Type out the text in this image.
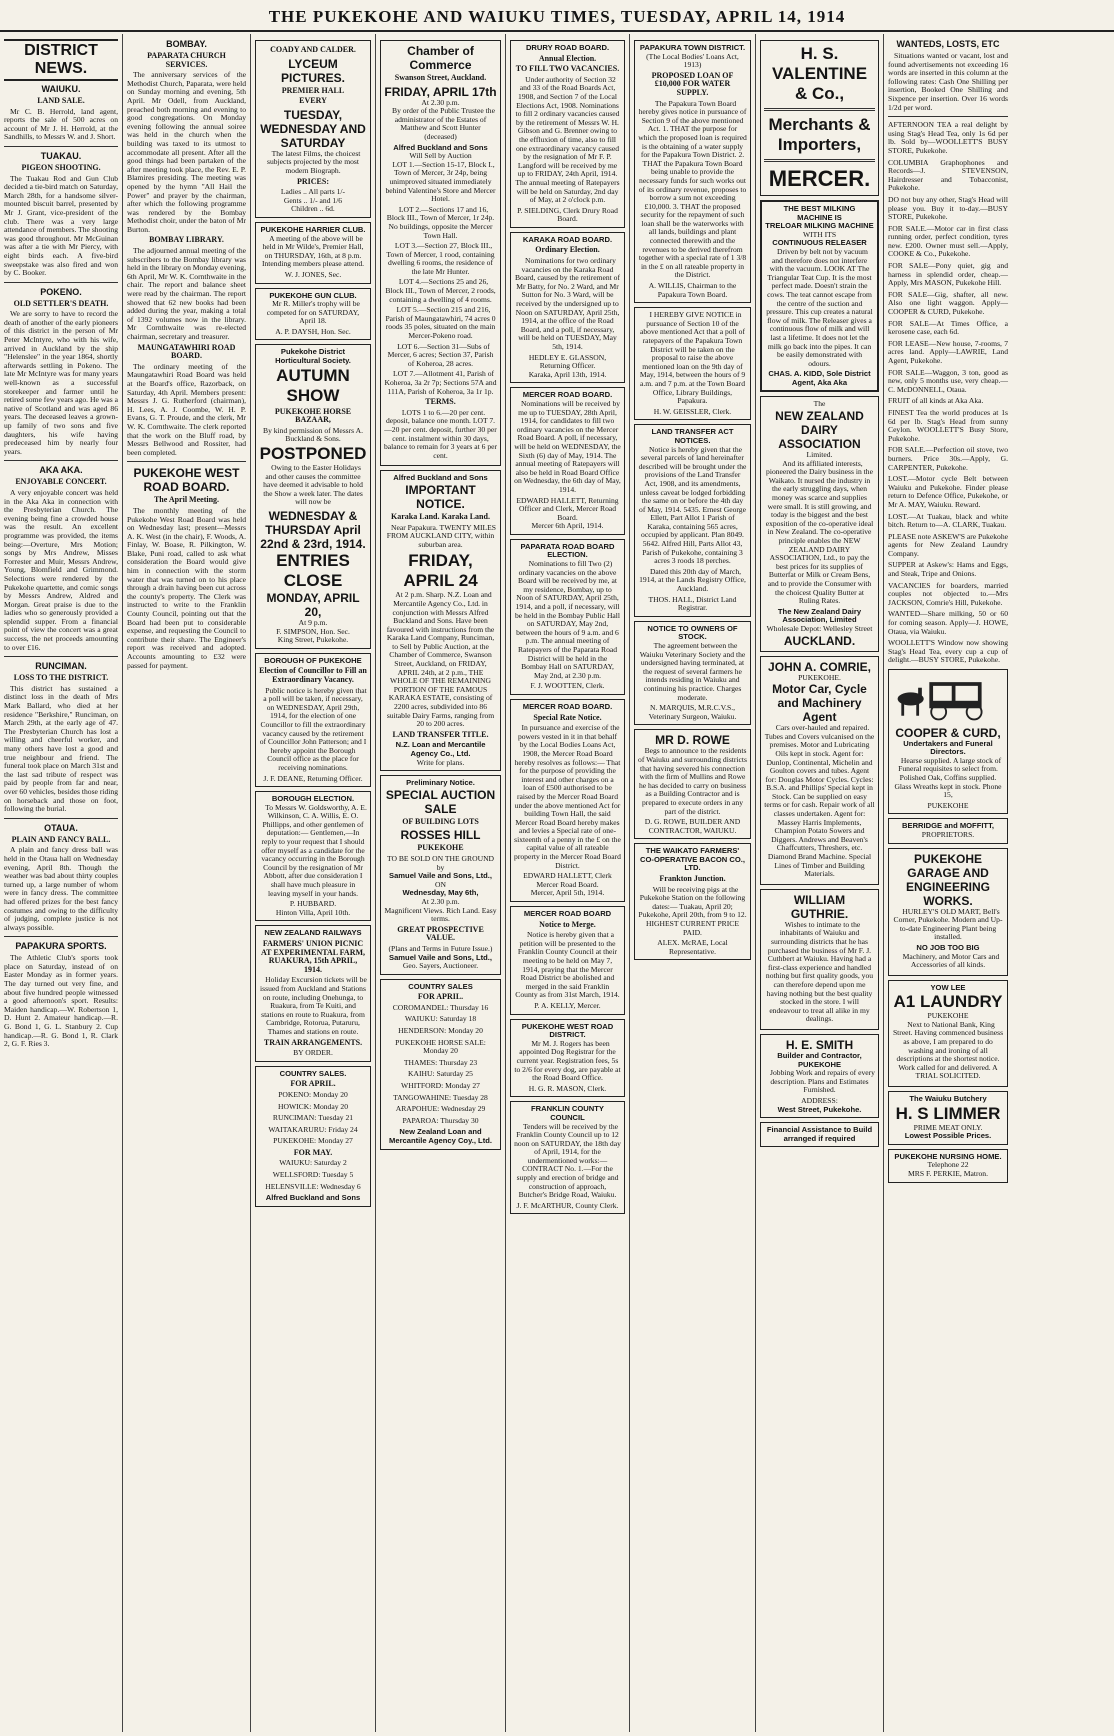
THE PUKEKOHE AND WAIUKU TIMES, TUESDAY, APRIL 14, 1914
DISTRICT NEWS.
WAIUKU.
LAND SALE.

Mr C. B. Herrold, land agent, reports the sale of 500 acres on account of Mr J. H. Herrold, at the Sandhills, to Messrs W. and J. Short.

TUAKAU.
PIGEON SHOOTING.

The Tuakau Rod and Gun Club decided a tie-bird match on Saturday, March 28th, for a handsome silver-mounted biscuit barrel, presented by Mr J. Grant, vice-president of the club. There was a very large attendance of members. The shooting was good throughout. Mr McGuinan was after a tie with Mr Piercy, with eight birds each. A five-bird sweepstake was also fired and won by C. Booker.

POKENO.
OLD SETTLER'S DEATH.

We are sorry to have to record the death of another of the early pioneers of this district in the person of Mr Peter McIntyre, who with his wife, arrived in Auckland by the ship "Helenslee" in the year 1864, shortly afterwards settling in Pokeno. The late Mr McIntyre was for many years well-known as a successful storekeeper and farmer until he retired some few years ago. He was a native of Scotland and was aged 86 years. The deceased leaves a grown-up family of two sons and five daughters, his wife having predeceased him by nearly four years.

AKA AKA.
ENJOYABLE CONCERT.

A very enjoyable concert was held in the Aka Aka in connection with the Presbyterian Church. The evening being fine a crowded house was the result. An excellent programme was provided, the items being:—Overture, Mrs Motion; songs by Mrs Andrew, Misses Forrester and Muir, Messrs Andrew, Young, Blomfield and Grimmond. Selections were rendered by the Pukekohe quartette, and comic songs by Messrs Andrew, Aldred and Morgan. Great praise is due to the ladies who so generously provided a splendid supper. From a financial point of view the concert was a great success, the net proceeds amounting to over £16.

RUNCIMAN.
LOSS TO THE DISTRICT.

This district has sustained a distinct loss in the death of Mrs Mark Ballard, who died at her residence "Berkshire," Runciman, on March 29th, at the early age of 47. The Presbyterian Church has lost a willing and cheerful worker, and many others have lost a good and true neighbour and friend. The funeral took place on March 31st and the last sad tribute of respect was paid by people from far and near, over 60 vehicles, besides those riding on horseback and those on foot, following the burial.

OTAUA.
PLAIN AND FANCY BALL.

A plain and fancy dress ball was held in the Otaua hall on Wednesday evening, April 8th. Though the weather was bad about thirty couples turned up, a large number of whom were in fancy dress. The committee had offered prizes for the best fancy costumes and owing to the difficulty of judging, complete justice is not always possible.

PAPAKURA SPORTS.

The Athletic Club's sports took place on Saturday, instead of on Easter Monday as in former years. The day turned out very fine, and about five hundred people witnessed a good afternoon's sport. Results: Maiden handicap.—W. Robertson 1, D. Hunt 2. Amateur handicap.—R. G. Bond 1, G. L. Stanbury 2. Cup handicap.—R. G. Bond 1, R. Clark 2, G. F. Ries 3.

BOMBAY.
PAPARATA CHURCH SERVICES.

The anniversary services of the Methodist Church, Paparata, were held on Sunday morning and evening, 5th April. Mr Odell, from Auckland, preached both morning and evening to good congregations. On Monday evening following the annual soiree was held in the church when the building was taxed to its utmost to accommodate all present. After all the good things had been partaken of the after meeting took place, the Rev. E. P. Blamires presiding. The meeting was opened by the hymn "All Hail the Power" and prayer by the chairman, after which the following programme was rendered by the Bombay Methodist choir, under the baton of Mr Burton.

BOMBAY LIBRARY.

The adjourned annual meeting of the subscribers to the Bombay library was held in the library on Monday evening, 6th April, Mr W. K. Cornthwaite in the chair. The report and balance sheet were read by the chairman. The report showed that 62 new books had been added during the year, making a total of 1392 volumes now in the library. Mr Cornthwaite was re-elected chairman, secretary and treasurer.

MAUNGATAWHIRI ROAD BOARD.

The ordinary meeting of the Maungatawhiri Road Board was held at the Board's office, Razorback, on Saturday, 4th April. Members present: Messrs J. G. Rutherford (chairman), H. Lees, A. J. Coombe, W. H. P. Evans, G. T. Proude, and the clerk, Mr W. K. Cornthwaite. The clerk reported that the work on the Bluff road, by Messrs Bellwood and Rossiter, had been completed.

PUKEKOHE WEST ROAD BOARD.
The April Meeting.

The monthly meeting of the Pukekohe West Road Board was held on Wednesday last; present—Messrs A. K. West (in the chair), F. Woods, A. Finlay, W. Boase, R. Pilkington, W. Blake, Puni road, called to ask what consideration the Board would give him in connection with the storm water that was turned on to his place through a drain having been cut across the county's property. The Clerk was instructed to write to the Franklin County Council, pointing out that the Board had been put to considerable expense, and requesting the Council to contribute their share. The Engineer's report was received and adopted. Accounts amounting to £32 were passed for payment.

COADY AND CALDER.
LYCEUM PICTURES.
PREMIER HALL
EVERY
TUESDAY, WEDNESDAY AND SATURDAY

The latest Films, the choicest subjects projected by the most modern Biograph.

PRICES:
Ladies .. All parts 1/-
Gents .. 1/- and 1/6
Children .. 6d.
PUKEKOHE HARRIER CLUB.

A meeting of the above will be held in Mr Wilde's, Premier Hall, on THURSDAY, 16th, at 8 p.m. Intending members please attend.

W. J. JONES, Sec.
PUKEKOHE GUN CLUB.

Mr R. Miller's trophy will be competed for on SATURDAY, April 18.

A. P. DAYSH, Hon. Sec.
Pukekohe District Horticultural Society.
AUTUMN SHOW
PUKEKOHE HORSE BAZAAR,
By kind permission of Messrs A. Buckland & Sons.
POSTPONED

Owing to the Easter Holidays and other causes the committee have deemed it advisable to hold the Show a week later. The dates will now be

WEDNESDAY & THURSDAY April 22nd & 23rd, 1914.
ENTRIES CLOSE
MONDAY, APRIL 20,
At 9 p.m.
F. SIMPSON, Hon. Sec.
King Street, Pukekohe.
BOROUGH OF PUKEKOHE
Election of Councillor to Fill an Extraordinary Vacancy.

Public notice is hereby given that a poll will be taken, if necessary, on WEDNESDAY, April 29th, 1914, for the election of one Councillor to fill the extraordinary vacancy caused by the retirement of Councillor John Patterson; and I hereby appoint the Borough Council office as the place for receiving nominations.

J. F. DEANE, Returning Officer.
BOROUGH ELECTION.

To Messrs W. Goldsworthy, A. E. Wilkinson, C. A. Willis, E. O. Phillipps, and other gentlemen of deputation:— Gentlemen,—In reply to your request that I should offer myself as a candidate for the vacancy occurring in the Borough Council by the resignation of Mr Abbott, after due consideration I shall have much pleasure in leaving myself in your hands.

P. HUBBARD.
Hinton Villa, April 10th.
NEW ZEALAND RAILWAYS
FARMERS' UNION PICNIC AT EXPERIMENTAL FARM, RUAKURA, 15th APRIL, 1914.

Holiday Excursion tickets will be issued from Auckland and Stations on route, including Onehunga, to Ruakura, from Te Kuiti, and stations en route to Ruakura, from Cambridge, Rotorua, Putaruru, Thames and stations en route.

TRAIN ARRANGEMENTS.
BY ORDER.
COUNTRY SALES.
FOR APRIL.
POKENO: Monday 20
HOWICK: Monday 20
RUNCIMAN: Tuesday 21
WAITAKARURU: Friday 24
PUKEKOHE: Monday 27
FOR MAY.
WAIUKU: Saturday 2
WELLSFORD: Tuesday 5
HELENSVILLE: Wednesday 6
Alfred Buckland and Sons
Chamber of Commerce
Swanson Street, Auckland.
FRIDAY, APRIL 17th
At 2.30 p.m.

By order of the Public Trustee the administrator of the Estates of Matthew and Scott Hunter (deceased)

Alfred Buckland and Sons
Will Sell by Auction

LOT 1.—Section 15-17, Block I., Town of Mercer, 3r 24p, being unimproved situated immediately behind Valentine's Store and Mercer Hotel.

LOT 2.—Sections 17 and 16, Block III., Town of Mercer, 1r 24p. No buildings, opposite the Mercer Town Hall.

LOT 3.—Section 27, Block III., Town of Mercer, 1 rood, containing dwelling 6 rooms, the residence of the late Mr Hunter.

LOT 4.—Sections 25 and 26, Block III., Town of Mercer, 2 roods, containing a dwelling of 4 rooms.

LOT 5.—Section 215 and 216, Parish of Maungatawhiri, 74 acres 0 roods 35 poles, situated on the main Mercer-Pokeno road.

LOT 6.—Section 31—Subs of Mercer, 6 acres; Section 37, Parish of Koheroa, 28 acres.

LOT 7.—Allotment 41, Parish of Koheroa, 3a 2r 7p; Sections 57A and 111A, Parish of Koheroa, 3a 1r 1p.

TERMS.

LOTS 1 to 6.—20 per cent. deposit, balance one month. LOT 7.—20 per cent. deposit, further 30 per cent. instalment within 30 days, balance to remain for 3 years at 6 per cent.

Alfred Buckland and Sons
IMPORTANT NOTICE.
Karaka Land. Karaka Land.

Near Papakura. TWENTY MILES FROM AUCKLAND CITY, within suburban area.

FRIDAY, APRIL 24

At 2 p.m. Sharp. N.Z. Loan and Mercantile Agency Co., Ltd. in conjunction with Messrs Alfred Buckland and Sons. Have been favoured with instructions from the Karaka Land Company, Runciman, to Sell by Public Auction, at the Chamber of Commerce, Swanson Street, Auckland, on FRIDAY, APRIL 24th, at 2 p.m., THE WHOLE OF THE REMAINING PORTION OF THE FAMOUS KARAKA ESTATE, consisting of 2200 acres, subdivided into 86 suitable Dairy Farms, ranging from 20 to 200 acres.

LAND TRANSFER TITLE.
N.Z. Loan and Mercantile Agency Co., Ltd.
Write for plans.
Preliminary Notice.
SPECIAL AUCTION SALE
OF BUILDING LOTS
ROSSES HILL
PUKEKOHE
TO BE SOLD ON THE GROUND by
Samuel Vaile and Sons, Ltd.,
ON
Wednesday, May 6th,
At 2.30 p.m.
Magnificent Views. Rich Land. Easy terms.
GREAT PROSPECTIVE VALUE.
(Plans and Terms in Future Issue.)
Samuel Vaile and Sons, Ltd.,
Geo. Sayers, Auctioneer.
COUNTRY SALES
FOR APRIL.
COROMANDEL: Thursday 16
WAIUKU: Saturday 18
HENDERSON: Monday 20
PUKEKOHE HORSE SALE: Monday 20
THAMES: Thursday 23
KAIHU: Saturday 25
WHITFORD: Monday 27
TANGOWAHINE: Tuesday 28
ARAPOHUE: Wednesday 29
PAPAROA: Thursday 30
New Zealand Loan and Mercantile Agency Coy., Ltd.
DRURY ROAD BOARD.
Annual Election.
TO FILL TWO VACANCIES.

Under authority of Section 32 and 33 of the Road Boards Act, 1908, and Section 7 of the Local Elections Act, 1908. Nominations to fill 2 ordinary vacancies caused by the retirement of Messrs W. H. Gibson and G. Brenner owing to the effluxion of time, also to fill one extraordinary vacancy caused by the resignation of Mr F. P. Langford will be received by me up to FRIDAY, 24th April, 1914. The annual meeting of Ratepayers will be held on Saturday, 2nd day of May, at 2 o'clock p.m.

P. SIELDING, Clerk Drury Road Board.
KARAKA ROAD BOARD.
Ordinary Election.

Nominations for two ordinary vacancies on the Karaka Road Board, caused by the retirement of Mr Batty, for No. 2 Ward, and Mr Sutton for No. 3 Ward, will be received by the undersigned up to Noon on SATURDAY, April 25th, 1914, at the office of the Road Board, and a poll, if necessary, will be held on TUESDAY, May 5th, 1914.

HEDLEY E. GLASSON, Returning Officer.
Karaka, April 13th, 1914.
MERCER ROAD BOARD.

Nominations will be received by me up to TUESDAY, 28th April, 1914, for candidates to fill two ordinary vacancies on the Mercer Road Board. A poll, if necessary, will be held on WEDNESDAY, the Sixth (6) day of May, 1914. The annual meeting of Ratepayers will also be held in Road Board Office on Wednesday, the 6th day of May, 1914.

EDWARD HALLETT, Returning Officer and Clerk, Mercer Road Board.
Mercer 6th April, 1914.
PAPARATA ROAD BOARD ELECTION.

Nominations to fill Two (2) ordinary vacancies on the above Board will be received by me, at my residence, Bombay, up to Noon of SATURDAY, April 25th, 1914, and a poll, if necessary, will be held in the Bombay Public Hall on SATURDAY, May 2nd, between the hours of 9 a.m. and 6 p.m. The annual meeting of Ratepayers of the Paparata Road District will be held in the Bombay Hall on SATURDAY, May 2nd, at 2.30 p.m.

F. J. WOOTTEN, Clerk.
MERCER ROAD BOARD.
Special Rate Notice.

In pursuance and exercise of the powers vested in it in that behalf by the Local Bodies Loans Act, 1908, the Mercer Road Board hereby resolves as follows:— That for the purpose of providing the interest and other charges on a loan of £500 authorised to be raised by the Mercer Road Board under the above mentioned Act for building Town Hall, the said Mercer Road Board hereby makes and levies a Special rate of one-sixteenth of a penny in the £ on the capital value of all rateable property in the Mercer Road Board District.

EDWARD HALLETT, Clerk Mercer Road Board.
Mercer, April 5th, 1914.
MERCER ROAD BOARD
Notice to Merge.

Notice is hereby given that a petition will be presented to the Franklin County Council at their meeting to be held on May 7, 1914, praying that the Mercer Road District be abolished and merged in the said Franklin County as from 31st March, 1914.

P. A. KELLY, Mercer.
PUKEKOHE WEST ROAD DISTRICT.

Mr M. J. Rogers has been appointed Dog Registrar for the current year. Registration fees, 5s to 2/6 for every dog, are payable at the Road Board Office.

H. G. R. MASON, Clerk.
FRANKLIN COUNTY COUNCIL

Tenders will be received by the Franklin County Council up to 12 noon on SATURDAY, the 18th day of April, 1914, for the undermentioned works:— CONTRACT No. 1.—For the supply and erection of bridge and construction of approach, Butcher's Bridge Road, Waiuku.

J. F. McARTHUR, County Clerk.
PAPAKURA TOWN DISTRICT.
(The Local Bodies' Loans Act, 1913)
PROPOSED LOAN OF £10,000 FOR WATER SUPPLY.

The Papakura Town Board hereby gives notice in pursuance of Section 9 of the above mentioned Act. 1. THAT the purpose for which the proposed loan is required is the obtaining of a water supply for the Papakura Town District. 2. THAT the Papakura Town Board being unable to provide the necessary funds for such works out of its ordinary revenue, proposes to borrow a sum not exceeding £10,000. 3. THAT the proposed security for the repayment of such loan shall be the waterworks with all lands, buildings and plant connected therewith and the revenues to be derived therefrom together with a special rate of 1 3/8 in the £ on all rateable property in the District.

A. WILLIS, Chairman to the Papakura Town Board.

I HEREBY GIVE NOTICE in pursuance of Section 10 of the above mentioned Act that a poll of ratepayers of the Papakura Town District will be taken on the proposal to raise the above mentioned loan on the 9th day of May, 1914, between the hours of 9 a.m. and 7 p.m. at the Town Board Office, Library Buildings, Papakura.

H. W. GEISSLER, Clerk.
LAND TRANSFER ACT NOTICES.

Notice is hereby given that the several parcels of land hereinafter described will be brought under the provisions of the Land Transfer Act, 1908, and its amendments, unless caveat be lodged forbidding the same on or before the 4th day of May, 1914. 5435. Ernest George Ellett, Part Allot 1 Parish of Karaka, containing 565 acres, occupied by applicant. Plan 8049. 5642. Alfred Hill, Parts Allot 43, Parish of Pukekohe, containing 3 acres 3 roods 18 perches.

Dated this 20th day of March, 1914, at the Lands Registry Office, Auckland.

THOS. HALL, District Land Registrar.
NOTICE TO OWNERS OF STOCK.

The agreement between the Waiuku Veterinary Society and the undersigned having terminated, at the request of several farmers he intends residing in Waiuku and continuing his practice. Charges moderate.

N. MARQUIS, M.R.C.V.S., Veterinary Surgeon, Waiuku.
MR D. ROWE

Begs to announce to the residents of Waiuku and surrounding districts that having severed his connection with the firm of Mullins and Rowe he has decided to carry on business as a Building Contractor and is prepared to execute orders in any part of the district.

D. G. ROWE, BUILDER AND CONTRACTOR, WAIUKU.
THE WAIKATO FARMERS' CO-OPERATIVE BACON CO., LTD.
Frankton Junction.

Will be receiving pigs at the Pukekohe Station on the following dates:— Tuakau, April 20; Pukekohe, April 20th, from 9 to 12. HIGHEST CURRENT PRICE PAID.

ALEX. McRAE, Local Representative.
H. S. VALENTINE & Co.,
Merchants & Importers,
MERCER.
THE BEST MILKING MACHINE IS
TRELOAR MILKING MACHINE
WITH ITS
CONTINUOUS RELEASER

Driven by belt not by vacuum and therefore does not interfere with the vacuum. LOOK AT The Triangular Teat Cup. It is the most perfect made. Doesn't strain the cows. The teat cannot escape from the centre of the suction and pressure. This cup creates a natural flow of milk. The Releaser gives a continuous flow of milk and will last a lifetime. It does not let the milk go back into the pipes. It can be easily demonstrated with odours.

CHAS. A. KIDD, Sole District Agent, Aka Aka
The
NEW ZEALAND DAIRY ASSOCIATION
Limited.

And its affiliated interests, pioneered the Dairy business in the Waikato. It nursed the industry in the early struggling days, when money was scarce and supplies were small. It is still growing, and today is the biggest and the best exposition of the co-operative ideal in New Zealand. The co-operative principle enables the NEW ZEALAND DAIRY ASSOCIATION, Ltd., to pay the best prices for its supplies of Butterfat or Milk or Cream Bens, and to provide the Consumer with the choicest Quality Butter at Ruling Rates.

The New Zealand Dairy Association, Limited
Wholesale Depot: Wellesley Street
AUCKLAND.
JOHN A. COMRIE,
PUKEKOHE.
Motor Car, Cycle and Machinery Agent

Cars over-hauled and repaired. Tubes and Covers vulcanised on the premises. Motor and Lubricating Oils kept in stock. Agent for: Dunlop, Continental, Michelin and Goulton covers and tubes. Agent for: Douglas Motor Cycles. Cycles: B.S.A. and Phillips' Special kept in Stock. Can be supplied on easy terms or for cash. Repair work of all classes undertaken. Agent for: Massey Harris Implements, Champion Potato Sowers and Diggers. Andrews and Beaven's Chaffcutters, Threshers, etc. Diamond Brand Machine. Special Lines of Timber and Building Materials.

WILLIAM GUTHRIE.

Wishes to intimate to the inhabitants of Waiuku and surrounding districts that he has purchased the business of Mr F. J. Cuthbert at Waiuku. Having had a first-class experience and handled nothing but first quality goods, you can therefore depend upon me having nothing but the best quality stocked in the store. I will endeavour to treat all alike in my dealings.

H. E. SMITH
Builder and Contractor, PUKEKOHE

Jobbing Work and repairs of every description. Plans and Estimates Furnished.

ADDRESS:
West Street, Pukekohe.
Financial Assistance to Build arranged if required
WANTEDS, LOSTS, ETC

Situations wanted or vacant, lost and found advertisements not exceeding 16 words are inserted in this column at the following rates: Cash One Shilling per insertion, Booked One Shilling and Sixpence per insertion. Over 16 words 1/2d per word.

AFTERNOON TEA a real delight by using Stag's Head Tea, only 1s 6d per lb. Sold by—WOOLLETT'S BUSY STORE, Pukekohe.
COLUMBIA Graphophones and Records—J. STEVENSON, Hairdresser and Tobacconist, Pukekohe.
DO not buy any other, Stag's Head will please you. Buy it to-day.—BUSY STORE, Pukekohe.
FOR SALE.—Motor car in first class running order, perfect condition, tyres new. £200. Owner must sell.—Apply, COOKE & Co., Pukekohe.
FOR SALE—Pony quiet, gig and harness in splendid order, cheap.—Apply, Mrs MASON, Pukekohe Hill.
FOR SALE—Gig, shafter, all new. Also one light waggon. Apply—COOPER & CURD, Pukekohe.
FOR SALE—At Times Office, a kerosene case, each 6d.
FOR LEASE—New house, 7-rooms, 7 acres land. Apply—LAWRIE, Land Agent, Pukekohe.
FOR SALE—Waggon, 3 ton, good as new, only 5 months use, very cheap.—C. McDONNELL, Otaua.
FRUIT of all kinds at Aka Aka.
FINEST Tea the world produces at 1s 6d per lb. Stag's Head from sunny Ceylon. WOOLLETT'S Busy Store, Pukekohe.
FOR SALE.—Perfection oil stove, two burners. Price 30s.—Apply, G. CARPENTER, Pukekohe.
LOST.—Motor cycle Belt between Waiuku and Pukekohe. Finder please return to Defence Office, Pukekohe, or Mr A. MAY, Waiuku. Reward.
LOST.—At Tuakau, black and white bitch. Return to—A. CLARK, Tuakau.
PLEASE note ASKEW'S are Pukekohe agents for New Zealand Laundry Company.
SUPPER at Askew's: Hams and Eggs, and Steak, Tripe and Onions.
VACANCIES for boarders, married couples not objected to.—Mrs JACKSON, Comrie's Hill, Pukekohe.
WANTED—Share milking, 50 or 60 for coming season. Apply—J. HOWE, Otaua, via Waiuku.
WOOLLETT'S Window now showing Stag's Head Tea, every cup a cup of delight.—BUSY STORE, Pukekohe.
COOPER & CURD,
Undertakers and Funeral Directors.

Hearse supplied. A large stock of Funeral requisites to select from. Polished Oak, Coffins supplied. Glass Wreaths kept in stock. Phone 15,

PUKEKOHE
BERRIDGE and MOFFITT,
PROPRIETORS.
PUKEKOHE GARAGE AND ENGINEERING WORKS.

HURLEY'S OLD MART, Bell's Corner, Pukekohe. Modern and Up-to-date Engineering Plant being installed.

NO JOB TOO BIG

Machinery, and Motor Cars and Accessories of all kinds.

YOW LEE
A1 LAUNDRY
PUKEKOHE

Next to National Bank, King Street. Having commenced business as above, I am prepared to do washing and ironing of all descriptions at the shortest notice. Work called for and delivered. A TRIAL SOLICITED.

The Waiuku Butchery
H. S LIMMER
PRIME MEAT ONLY.
Lowest Possible Prices.
PUKEKOHE NURSING HOME.
Telephone 22
MRS F. PERKIE, Matron.
